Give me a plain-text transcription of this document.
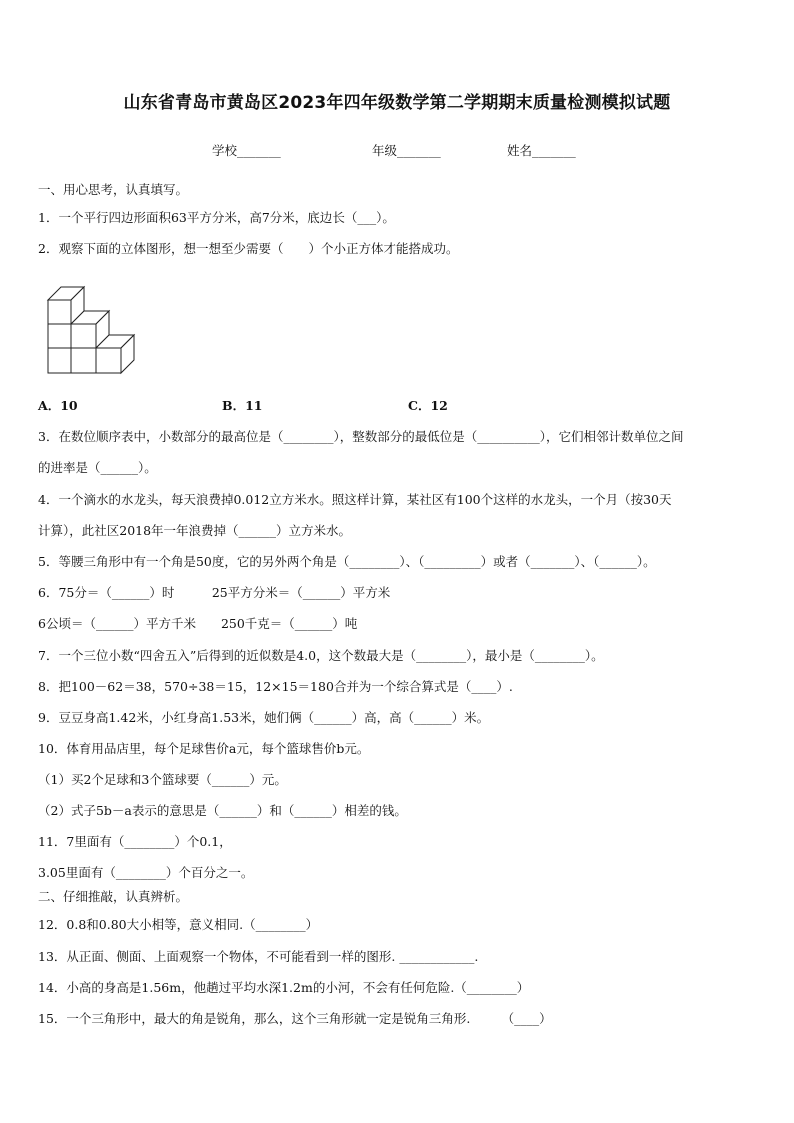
山东省青岛市黄岛区2023年四年级数学第二学期期末质量检测模拟试题
学校_______	年级_______	姓名_______
一、用心思考，认真填写。
1．一个平行四边形面积63平方分米，高7分米，底边长（___）。
2．观察下面的立体图形，想一想至少需要（　　）个小正方体才能搭成功。
A．10	B．11	C．12
3．在数位顺序表中，小数部分的最高位是（________），整数部分的最低位是（__________），它们相邻计数单位之间
的进率是（______）。
4．一个滴水的水龙头，每天浪费掉0.012立方米水。照这样计算，某社区有100个这样的水龙头，一个月（按30天
计算），此社区2018年一年浪费掉（______）立方米水。
5．等腰三角形中有一个角是50度，它的另外两个角是（________）、（_________）或者（_______）、（______）。
6．75分＝（______）时　　　25平方分米＝（______）平方米
6公顷＝（______）平方千米　　250千克＝（______）吨
7．一个三位小数“四舍五入”后得到的近似数是4.0，这个数最大是（________），最小是（________）。
8．把100－62＝38，570÷38＝15，12×15＝180合并为一个综合算式是（____）.
9．豆豆身高1.42米，小红身高1.53米，她们俩（______）高，高（______）米。
10．体育用品店里，每个足球售价a元，每个篮球售价b元。
（1）买2个足球和3个篮球要（______）元。
（2）式子5b－a表示的意思是（______）和（______）相差的钱。
11．7里面有（________）个0.1，
3.05里面有（________）个百分之一。
二、仔细推敲，认真辨析。
12．0.8和0.80大小相等，意义相同.（________）
13．从正面、侧面、上面观察一个物体，不可能看到一样的图形. ____________.
14．小高的身高是1.56m，他趟过平均水深1.2m的小河，不会有任何危险.（________）
15．一个三角形中，最大的角是锐角，那么，这个三角形就一定是锐角三角形.　　　（____）
